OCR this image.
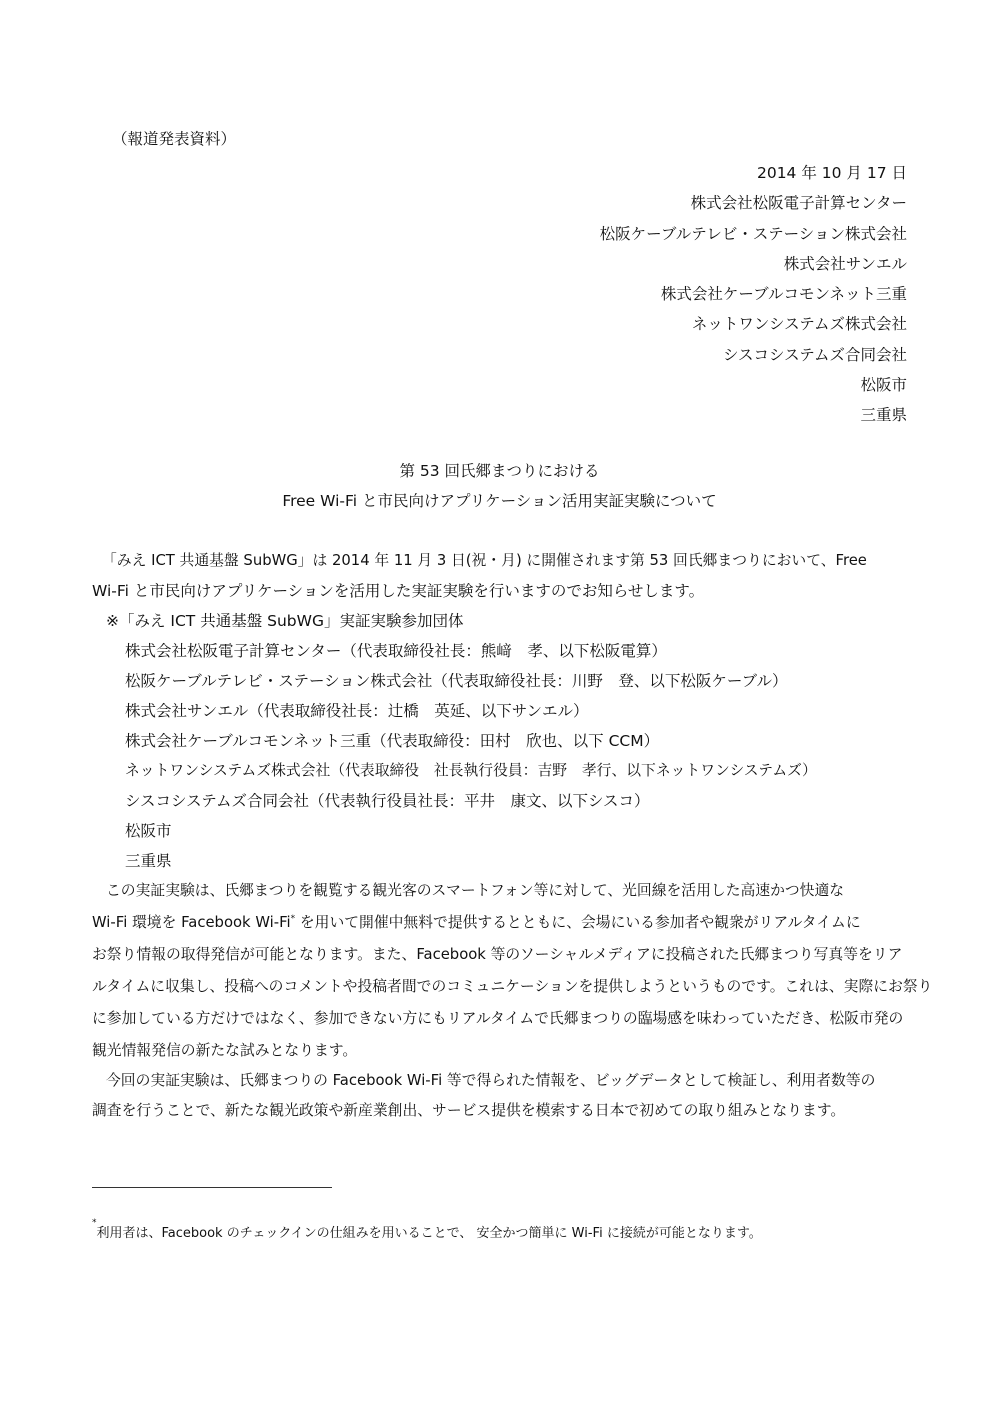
（報道発表資料）
2014 年 10 月 17 日
株式会社松阪電子計算センター
松阪ケーブルテレビ・ステーション株式会社
株式会社サンエル
株式会社ケーブルコモンネット三重
ネットワンシステムズ株式会社
シスコシステムズ合同会社
松阪市
三重県
第 53 回氏郷まつりにおける
Free Wi-Fi と市民向けアプリケーション活用実証実験について
「みえ ICT 共通基盤 SubWG」は 2014 年 11 月 3 日(祝・月) に開催されます第 53 回氏郷まつりにおいて、Free
Wi-Fi と市民向けアプリケーションを活用した実証実験を行いますのでお知らせします。
※「みえ ICT 共通基盤 SubWG」実証実験参加団体
株式会社松阪電子計算センター（代表取締役社長：熊﨑　孝、以下松阪電算）
松阪ケーブルテレビ・ステーション株式会社（代表取締役社長：川野　登、以下松阪ケーブル）
株式会社サンエル（代表取締役社長：辻橋　英延、以下サンエル）
株式会社ケーブルコモンネット三重（代表取締役：田村　欣也、以下 CCM）
ネットワンシステムズ株式会社（代表取締役　社長執行役員：吉野　孝行、以下ネットワンシステムズ）
シスコシステムズ合同会社（代表執行役員社長：平井　康文、以下シスコ）
松阪市
三重県
この実証実験は、氏郷まつりを観覧する観光客のスマートフォン等に対して、光回線を活用した高速かつ快適な
Wi-Fi 環境を Facebook Wi-Fi* を用いて開催中無料で提供するとともに、会場にいる参加者や観衆がリアルタイムに
お祭り情報の取得発信が可能となります。また、Facebook 等のソーシャルメディアに投稿された氏郷まつり写真等をリア
ルタイムに収集し、投稿へのコメントや投稿者間でのコミュニケーションを提供しようというものです。これは、実際にお祭り
に参加している方だけではなく、参加できない方にもリアルタイムで氏郷まつりの臨場感を味わっていただき、松阪市発の
観光情報発信の新たな試みとなります。
今回の実証実験は、氏郷まつりの Facebook Wi-Fi 等で得られた情報を、ビッグデータとして検証し、利用者数等の
調査を行うことで、新たな観光政策や新産業創出、サービス提供を模索する日本で初めての取り組みとなります。
*利用者は、Facebook のチェックインの仕組みを用いることで、 安全かつ簡単に Wi-Fi に接続が可能となります。
